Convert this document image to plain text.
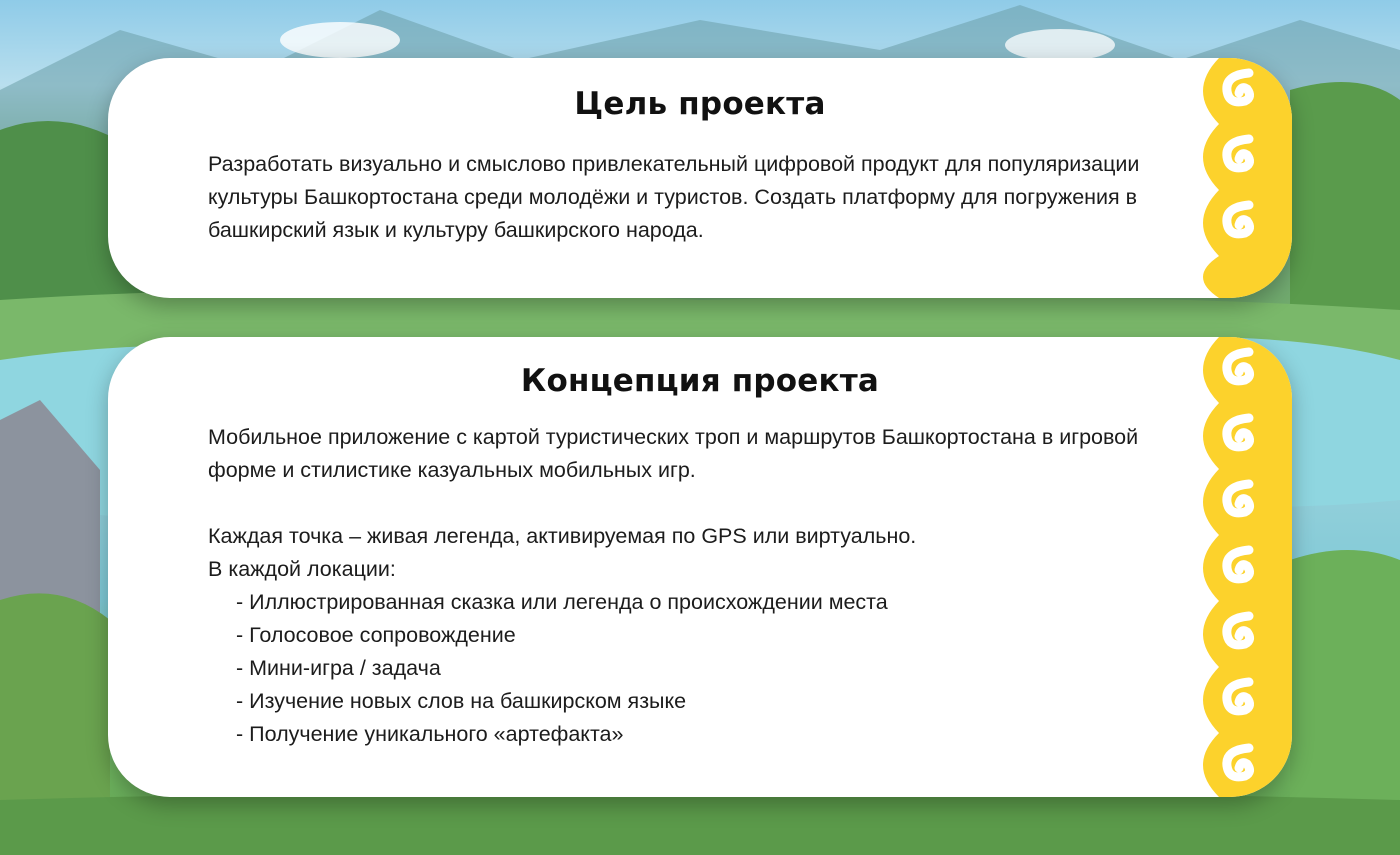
Цель проекта

Разработать визуально и смыслово привлекательный цифровой продукт для популяризации культуры Башкортостана среди молодёжи и туристов. Создать платформу для погружения в башкирский язык и культуру башкирского народа.

Концепция проекта

Мобильное приложение с картой туристических троп и маршрутов Башкортостана в игровой форме и стилистике казуальных мобильных игр.

Каждая точка – живая легенда, активируемая по GPS или виртуально.

В каждой локации:

- Иллюстрированная сказка или легенда о происхождении места
- Голосовое сопровождение
- Мини-игра / задача
- Изучение новых слов на башкирском языке
- Получение уникального «артефакта»
